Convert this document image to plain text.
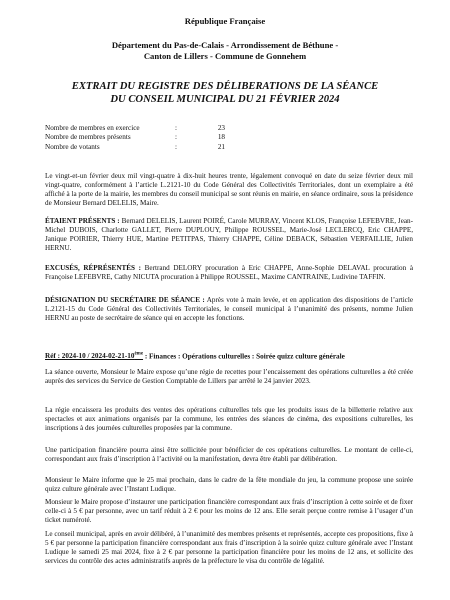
République Française
Département du Pas-de-Calais - Arrondissement de Béthune -
Canton de Lillers - Commune de Gonnehem
EXTRAIT DU REGISTRE DES DÉLIBERATIONS DE LA SÉANCE
DU CONSEIL MUNICIPAL DU 21 FÉVRIER 2024
Nombre de membres en exercice	:	23
Nombre de membres présents	:	18
Nombre de votants	:	21
Le vingt-et-un février deux mil vingt-quatre à dix-huit heures trente, légalement convoqué en date du seize février deux mil vingt-quatre, conformément à l’article L.2121-10 du Code Général des Collectivités Territoriales, dont un exemplaire a été affiché à la porte de la mairie, les membres du conseil municipal se sont réunis en mairie, en séance ordinaire, sous la présidence de Monsieur Bernard DELELIS, Maire.
ÉTAIENT PRÉSENTS : Bernard DELELIS, Laurent POIRÉ, Carole MURRAY, Vincent KLOS, Françoise LEFEBVRE, Jean-Michel DUBOIS, Charlotte GALLET, Pierre DUPLOUY, Philippe ROUSSEL, Marie-José LECLERCQ, Eric CHAPPE, Janique POIRIER, Thierry HUE, Martine PETITPAS, Thierry CHAPPE, Céline DEBACK, Sébastien VERFAILLIE, Julien HERNU.
EXCUSÉS, RÉPRÉSENTÉS : Bertrand DELORY procuration à Eric CHAPPE, Anne-Sophie DELAVAL procuration à Françoise LEFEBVRE, Cathy NICUTA procuration à Philippe ROUSSEL, Maxime CANTRAINE, Ludivine TAFFIN.
DÉSIGNATION DU SECRÉTAIRE DE SÉANCE : Après vote à main levée, et en application des dispositions de l’article L.2121-15 du Code Général des Collectivités Territoriales, le conseil municipal à l’unanimité des présents, nomme Julien HERNU au poste de secrétaire de séance qui en accepte les fonctions.
Réf : 2024-10 / 2024-02-21-10ème : Finances : Opérations culturelles : Soirée quizz culture générale
La séance ouverte, Monsieur le Maire expose qu’une régie de recettes pour l’encaissement des opérations culturelles a été créée auprès des services du Service de Gestion Comptable de Lillers par arrêté le 24 janvier 2023.
La régie encaissera les produits des ventes des opérations culturelles tels que les produits issus de la billetterie relative aux spectacles et aux animations organisés par la commune, les entrées des séances de cinéma, des expositions culturelles, les inscriptions à des journées culturelles proposées par la commune.
Une participation financière pourra ainsi être sollicitée pour bénéficier de ces opérations culturelles. Le montant de celle-ci, correspondant aux frais d’inscription à l’activité ou la manifestation, devra être établi par délibération.
Monsieur le Maire informe que le 25 mai prochain, dans le cadre de la fête mondiale du jeu, la commune propose une soirée quizz culture générale avec l’Instant Ludique.
Monsieur le Maire propose d’instaurer une participation financière correspondant aux frais d’inscription à cette soirée et de fixer celle-ci à 5 € par personne, avec un tarif réduit à 2 € pour les moins de 12 ans. Elle serait perçue contre remise à l’usager d’un ticket numéroté.
Le conseil municipal, après en avoir délibéré, à l’unanimité des membres présents et représentés, accepte ces propositions, fixe à 5 € par personne la participation financière correspondant aux frais d’inscription à la soirée quizz culture générale avec l’Instant Ludique le samedi 25 mai 2024, fixe à 2 € par personne la participation financière pour les moins de 12 ans, et sollicite des services du contrôle des actes administratifs auprès de la préfecture le visa du contrôle de légalité.
